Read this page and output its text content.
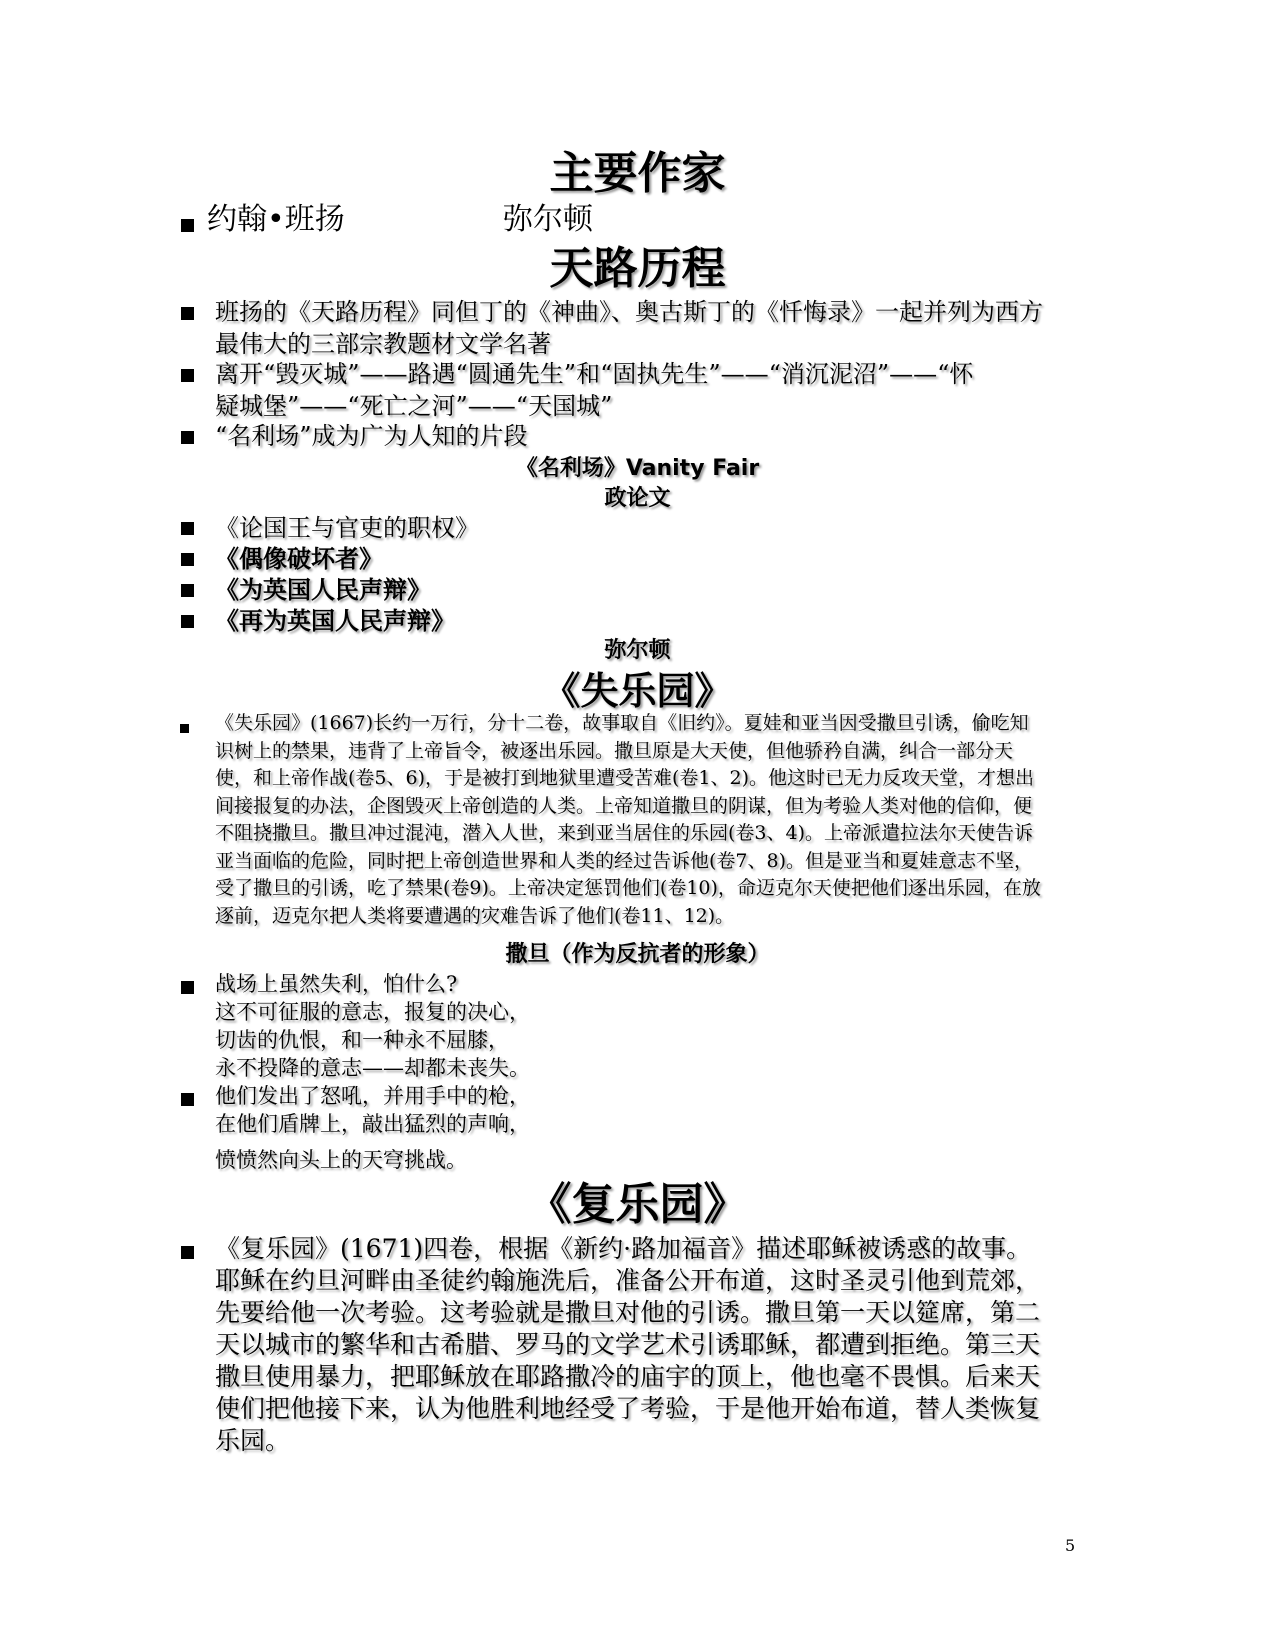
主要作家
约翰•班扬	弥尔顿
天路历程
班扬的《天路历程》同但丁的《神曲》、奥古斯丁的《忏悔录》一起并列为西方最伟大的三部宗教题材文学名著
离开“毁灭城”——路遇“圆通先生”和“固执先生”——“消沉泥沼”——“怀疑城堡”——“死亡之河”——“天国城”
“名利场”成为广为人知的片段
《名利场》Vanity Fair
政论文
《论国王与官吏的职权》
《偶像破坏者》
《为英国人民声辩》
《再为英国人民声辩》
弥尔顿
《失乐园》
《失乐园》(1667)长约一万行，分十二卷，故事取自《旧约》。夏娃和亚当因受撒旦引诱，偷吃知识树上的禁果，违背了上帝旨令，被逐出乐园。撒旦原是大天使，但他骄矜自满，纠合一部分天使，和上帝作战(卷5、6)，于是被打到地狱里遭受苦难(卷1、2)。他这时已无力反攻天堂，才想出间接报复的办法，企图毁灭上帝创造的人类。上帝知道撒旦的阴谋，但为考验人类对他的信仰，便不阻挠撒旦。撒旦冲过混沌，潜入人世，来到亚当居住的乐园(卷3、4)。上帝派遣拉法尔天使告诉亚当面临的危险，同时把上帝创造世界和人类的经过告诉他(卷7、8)。但是亚当和夏娃意志不坚，受了撒旦的引诱，吃了禁果(卷9)。上帝决定惩罚他们(卷10)，命迈克尔天使把他们逐出乐园，在放逐前，迈克尔把人类将要遭遇的灾难告诉了他们(卷11、12)。
撒旦（作为反抗者的形象）
战场上虽然失利，怕什么?
这不可征服的意志，报复的决心，
切齿的仇恨，和一种永不屈膝，
永不投降的意志——却都未丧失。
他们发出了怒吼，并用手中的枪，
在他们盾牌上，敲出猛烈的声响，
愤愤然向头上的天穹挑战。
《复乐园》
《复乐园》(1671)四卷，根据《新约·路加福音》描述耶稣被诱惑的故事。耶稣在约旦河畔由圣徒约翰施洗后，准备公开布道，这时圣灵引他到荒郊，先要给他一次考验。这考验就是撒旦对他的引诱。撒旦第一天以筵席，第二天以城市的繁华和古希腊、罗马的文学艺术引诱耶稣，都遭到拒绝。第三天撒旦使用暴力，把耶稣放在耶路撒冷的庙宇的顶上，他也毫不畏惧。后来天使们把他接下来，认为他胜利地经受了考验，于是他开始布道，替人类恢复乐园。
5
